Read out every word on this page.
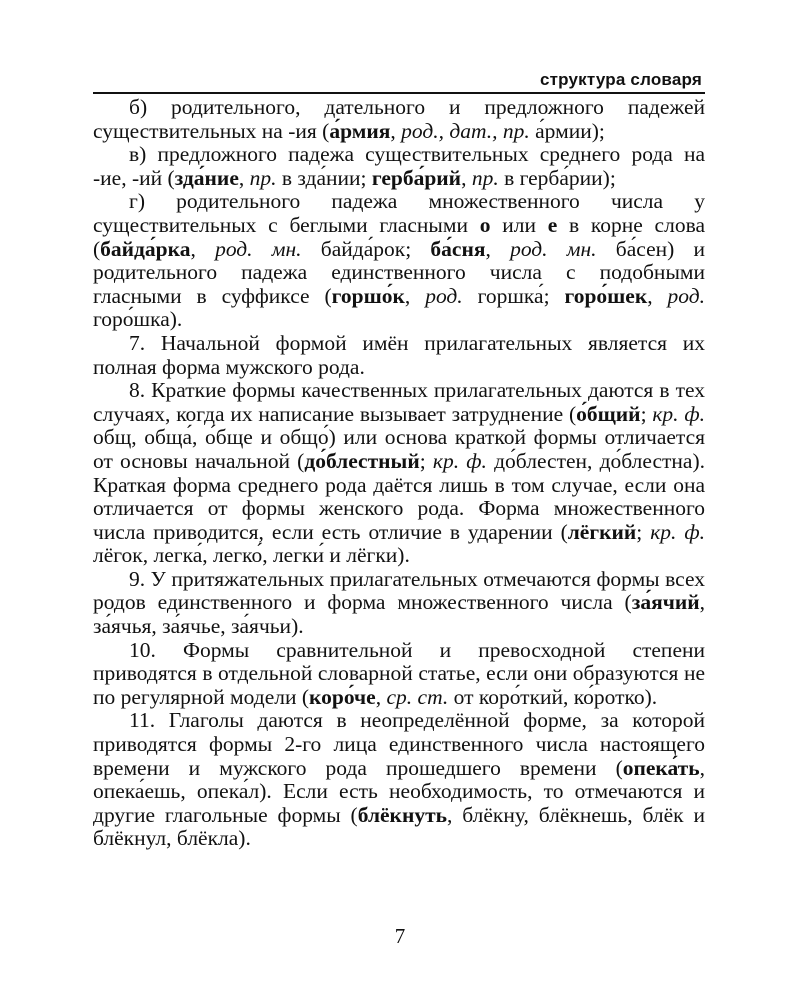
структура словаря

б) родительного, дательного и предложного падежей существительных на -ия (а́рмия, род., дат., пр. а́рмии);

в) предложного падежа существительных среднего рода на -ие, -ий (зда́ние, пр. в зда́нии; герба́рий, пр. в герба́рии);

г) родительного падежа множественного числа у существительных с беглыми гласными о или е в корне слова (байда́рка, род. мн. байда́рок; ба́сня, род. мн. ба́сен) и родительного падежа единственного числа с подобными гласными в суффиксе (горшо́к, род. горшка́; горо́шек, род. горо́шка).

7. Начальной формой имён прилагательных является их полная форма мужского рода.

8. Краткие формы качественных прилагательных даются в тех случаях, когда их написание вызывает затруднение (о́бщий; кр. ф. общ, обща́, о́бще и общо́) или основа краткой формы отличается от основы начальной (до́блестный; кр. ф. до́блестен, до́блестна). Краткая форма среднего рода даётся лишь в том случае, если она отличается от формы женского рода. Форма множественного числа приводится, если есть отличие в ударении (лёгкий; кр. ф. лёгок, легка́, легко́, легки́ и лёгки).

9. У притяжательных прилагательных отмечаются формы всех родов единственного и форма множественного числа (за́ячий, за́ячья, за́ячье, за́ячьи).

10. Формы сравнительной и превосходной степени приводятся в отдельной словарной статье, если они образуются не по регулярной модели (коро́че, ср. ст. от коро́ткий, ко́ротко).

11. Глаголы даются в неопределённой форме, за которой приводятся формы 2-го лица единственного числа настоящего времени и мужского рода прошедшего времени (опека́ть, опека́ешь, опека́л). Если есть необходимость, то отмечаются и другие глагольные формы (блёкнуть, блёкну, блёкнешь, блёк и блёкнул, блёкла).

7
